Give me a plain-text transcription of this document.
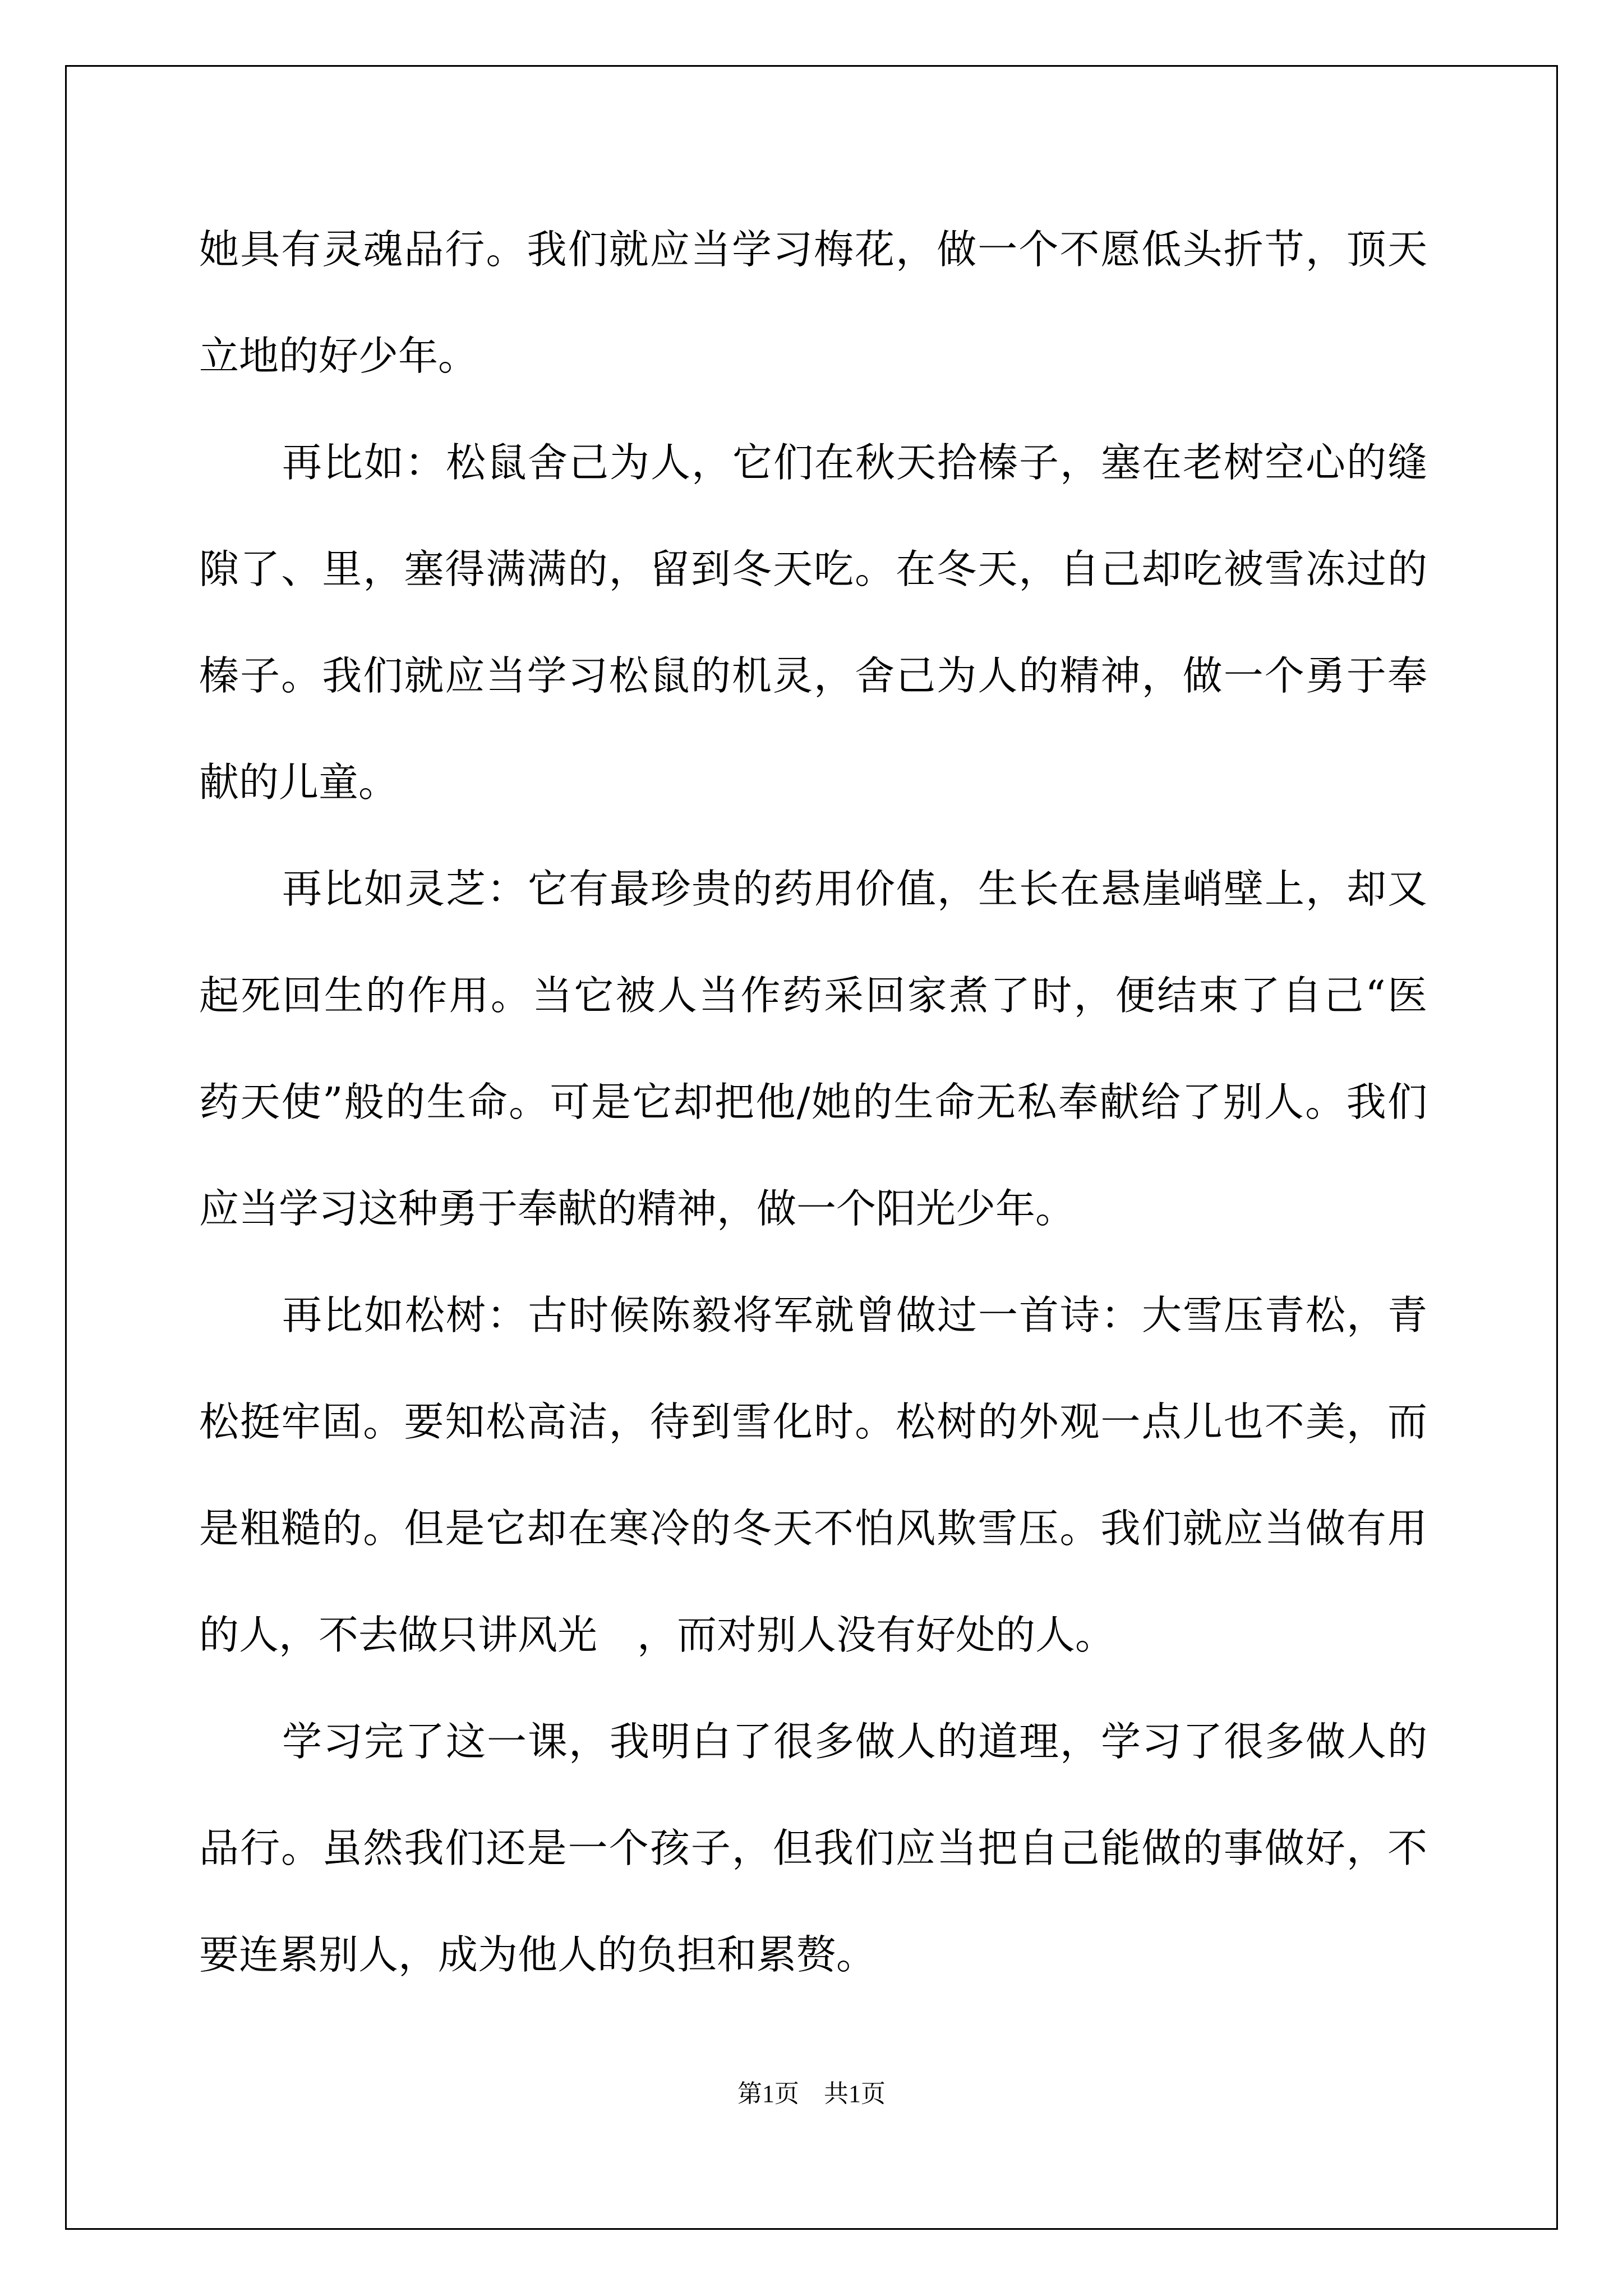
她具有灵魂品行。我们就应当学习梅花，做一个不愿低头折节，顶天
立地的好少年。
再比如：松鼠舍己为人，它们在秋天拾榛子，塞在老树空心的缝
隙了、里，塞得满满的，留到冬天吃。在冬天，自己却吃被雪冻过的
榛子。我们就应当学习松鼠的机灵，舍己为人的精神，做一个勇于奉
献的儿童。
再比如灵芝：它有最珍贵的药用价值，生长在悬崖峭壁上，却又
起死回生的作用。当它被人当作药采回家煮了时，便结束了自己“医
药天使”般的生命。可是它却把他/她的生命无私奉献给了别人。我们
应当学习这种勇于奉献的精神，做一个阳光少年。
再比如松树：古时候陈毅将军就曾做过一首诗：大雪压青松，青
松挺牢固。要知松高洁，待到雪化时。松树的外观一点儿也不美，而
是粗糙的。但是它却在寒冷的冬天不怕风欺雪压。我们就应当做有用
的人，不去做只讲风光　，而对别人没有好处的人。
学习完了这一课，我明白了很多做人的道理，学习了很多做人的
品行。虽然我们还是一个孩子，但我们应当把自己能做的事做好，不
要连累别人，成为他人的负担和累赘。
第1页　共1页
